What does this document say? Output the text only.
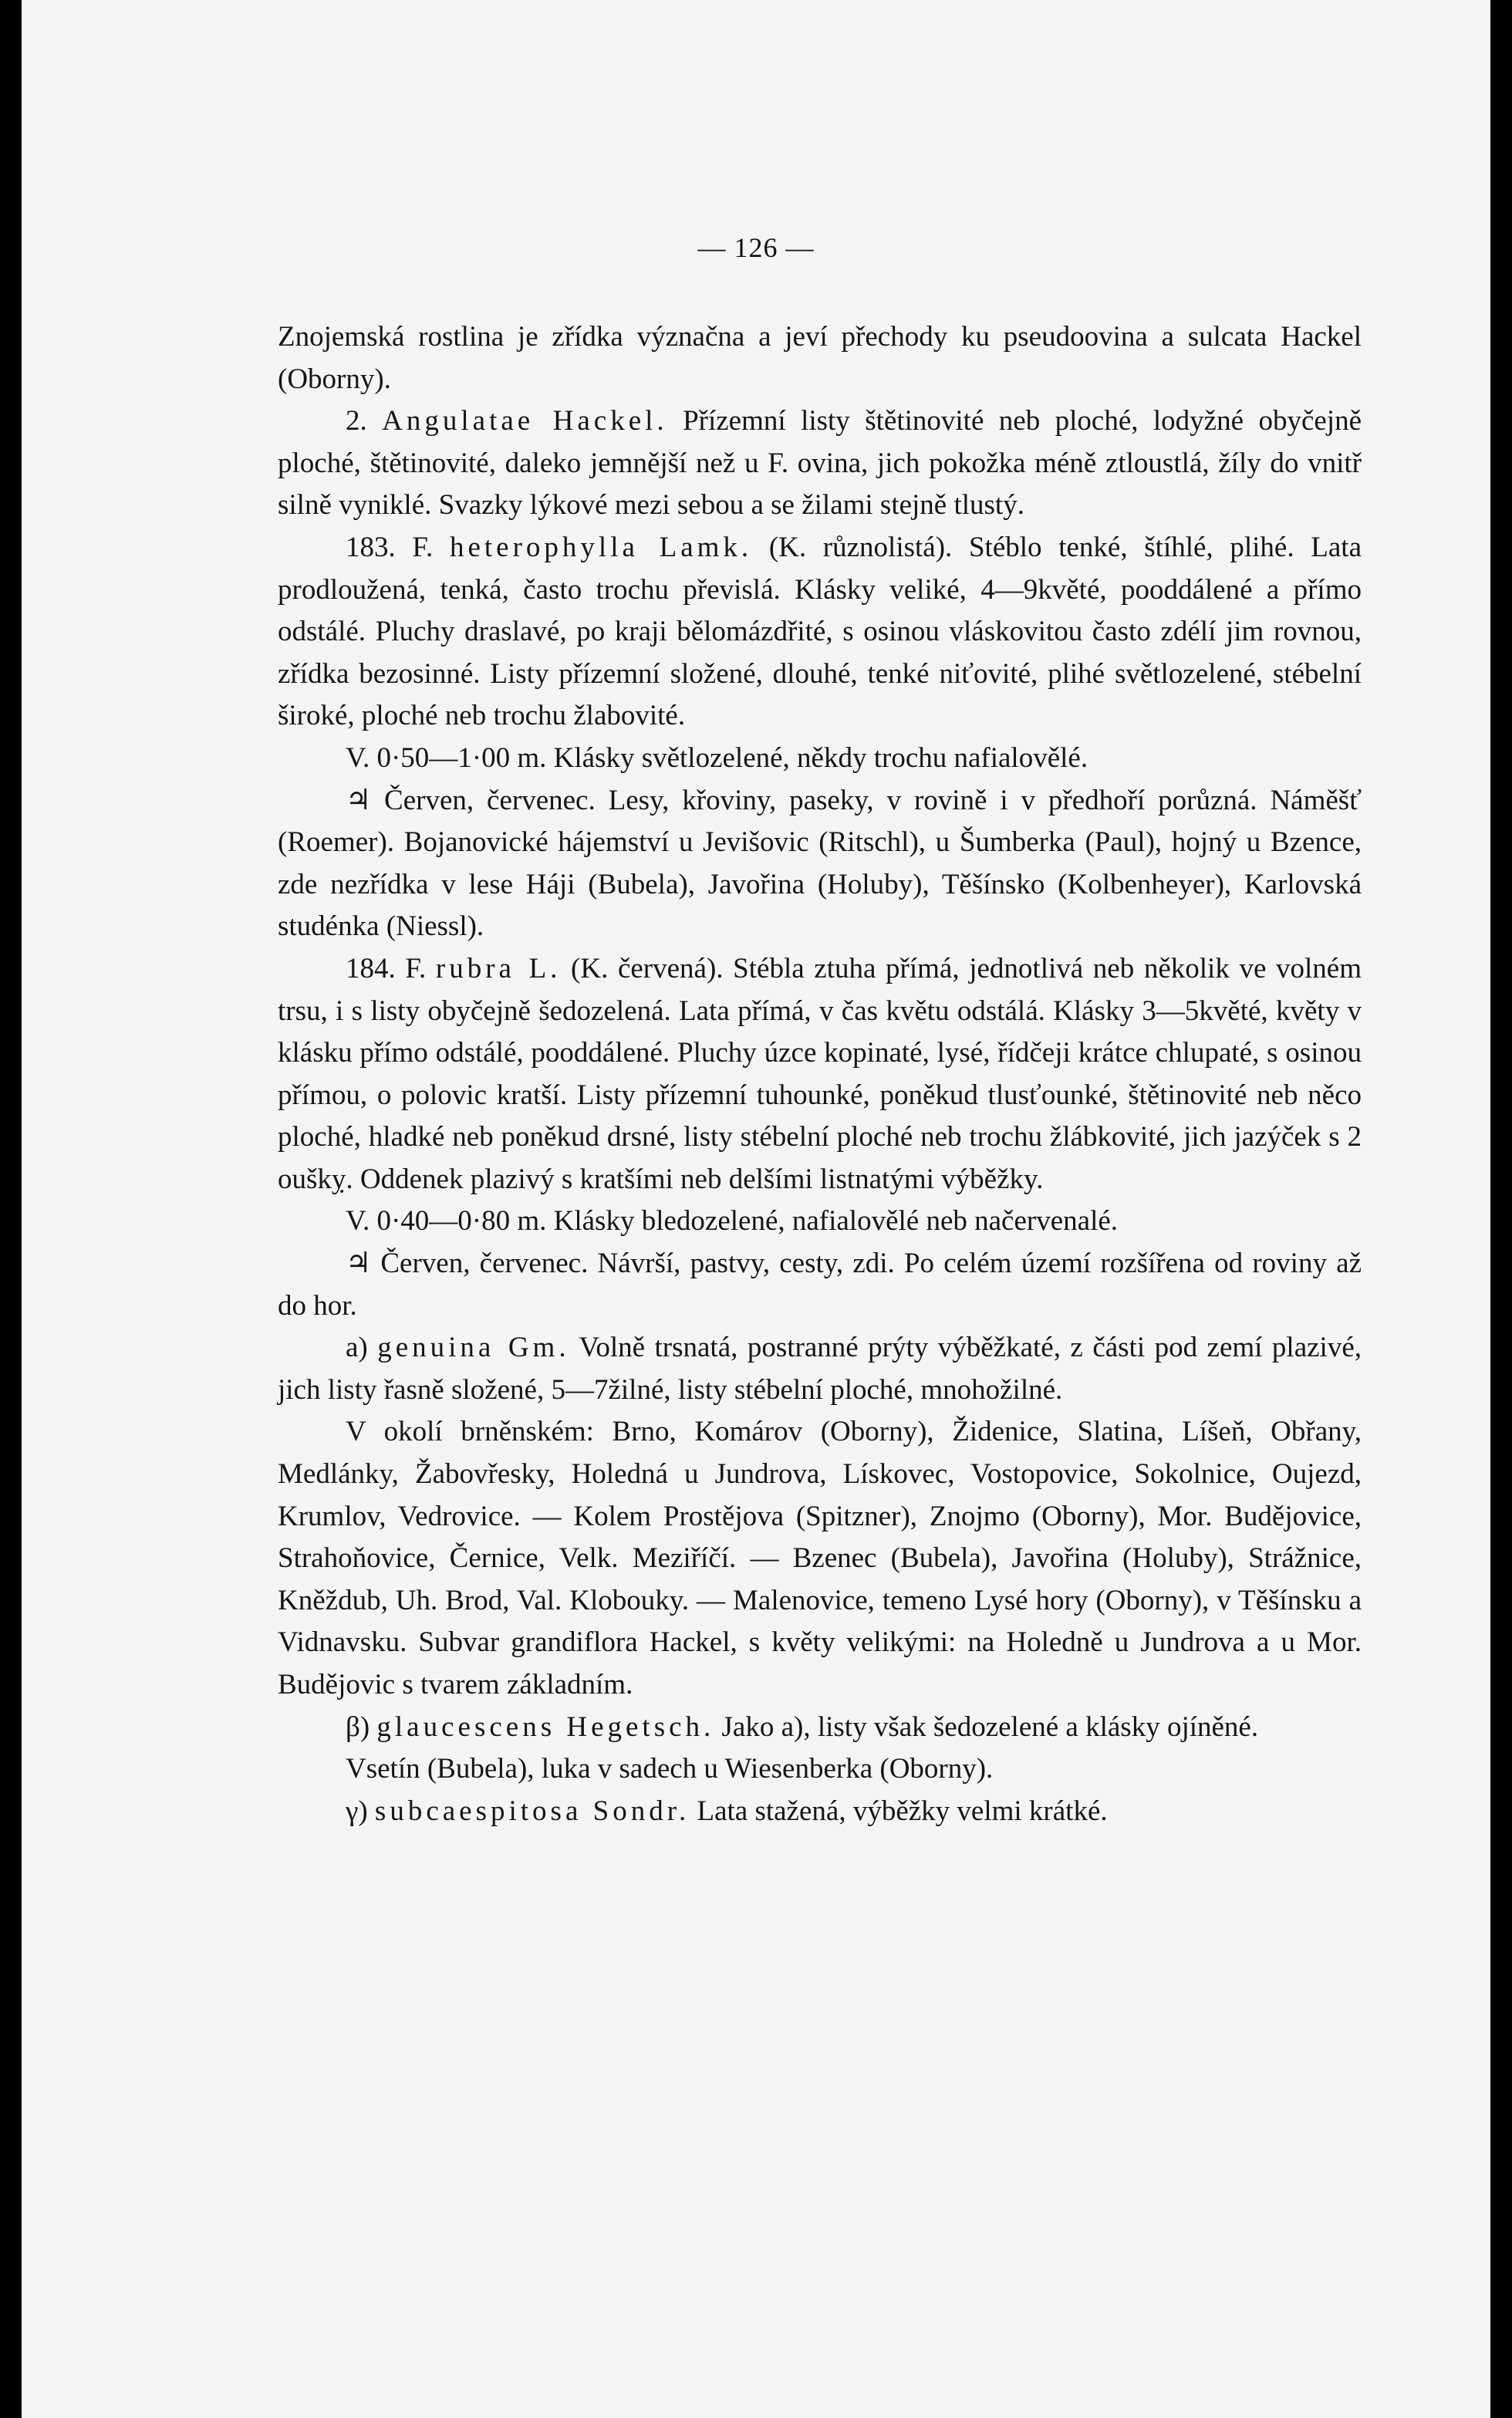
— 126 —

Znojemská rostlina je zřídka význačna a jeví přechody ku pseudoovina a sulcata Hackel (Oborny).

2. Angulatae Hackel. Přízemní listy štětinovité neb ploché, lodyžné obyčejně ploché, štětinovité, daleko jemnější než u F. ovina, jich pokožka méně ztloustlá, žíly do vnitř silně vyniklé. Svazky lýkové mezi sebou a se žilami stejně tlustý.

183. F. heterophylla Lamk. (K. různolistá). Stéblo tenké, štíhlé, plihé. Lata prodloužená, tenká, často trochu převislá. Klásky veliké, 4—9květé, pooddálené a přímo odstálé. Pluchy draslavé, po kraji bělomázdřité, s osinou vláskovitou často zdélí jim rovnou, zřídka bezosinné. Listy přízemní složené, dlouhé, tenké niťovité, plihé světlozelené, stébelní široké, ploché neb trochu žlabovité.

V. 0·50—1·00 m. Klásky světlozelené, někdy trochu nafialovělé.

♃ Červen, červenec. Lesy, křoviny, paseky, v rovině i v předhoří porůzná. Náměšť (Roemer). Bojanovické hájemství u Jevišovic (Ritschl), u Šumberka (Paul), hojný u Bzence, zde nezřídka v lese Háji (Bubela), Javořina (Holuby), Těšínsko (Kolbenheyer), Karlovská studénka (Niessl).

184. F. rubra L. (K. červená). Stébla ztuha přímá, jednotlivá neb několik ve volném trsu, i s listy obyčejně šedozelená. Lata přímá, v čas květu odstálá. Klásky 3—5květé, květy v klásku přímo odstálé, pooddálené. Pluchy úzce kopinaté, lysé, řídčeji krátce chlupaté, s osinou přímou, o polovic kratší. Listy přízemní tuhounké, poněkud tlusťounké, štětinovité neb něco ploché, hladké neb poněkud drsné, listy stébelní ploché neb trochu žlábkovité, jich jazýček s 2 ouškỵ. Oddenek plazivý s kratšími neb delšími listnatými výběžky.

V. 0·40—0·80 m. Klásky bledozelené, nafialovělé neb načervenalé.

♃ Červen, červenec. Návrší, pastvy, cesty, zdi. Po celém území rozšířena od roviny až do hor.

a) genuina Gm. Volně trsnatá, postranné prýty výběžkaté, z části pod zemí plazivé, jich listy řasně složené, 5—7žilné, listy stébelní ploché, mnohožilné.

V okolí brněnském: Brno, Komárov (Oborny), Židenice, Slatina, Líšeň, Obřany, Medlánky, Žabovřesky, Holedná u Jundrova, Lískovec, Vostopovice, Sokolnice, Oujezd, Krumlov, Vedrovice. — Kolem Prostějova (Spitzner), Znojmo (Oborny), Mor. Budějovice, Strahoňovice, Černice, Velk. Meziříčí. — Bzenec (Bubela), Javořina (Holuby), Strážnice, Kněždub, Uh. Brod, Val. Klobouky. — Malenovice, temeno Lysé hory (Oborny), v Těšínsku a Vidnavsku. Subvar grandiflora Hackel, s květy velikými: na Holedně u Jundrova a u Mor. Budějovic s tvarem základním.

β) glaucescens Hegetsch. Jako a), listy však šedozelené a klásky ojíněné.

Vsetín (Bubela), luka v sadech u Wiesenberka (Oborny).

γ) subcaespitosa Sondr. Lata stažená, výběžky velmi krátké.
